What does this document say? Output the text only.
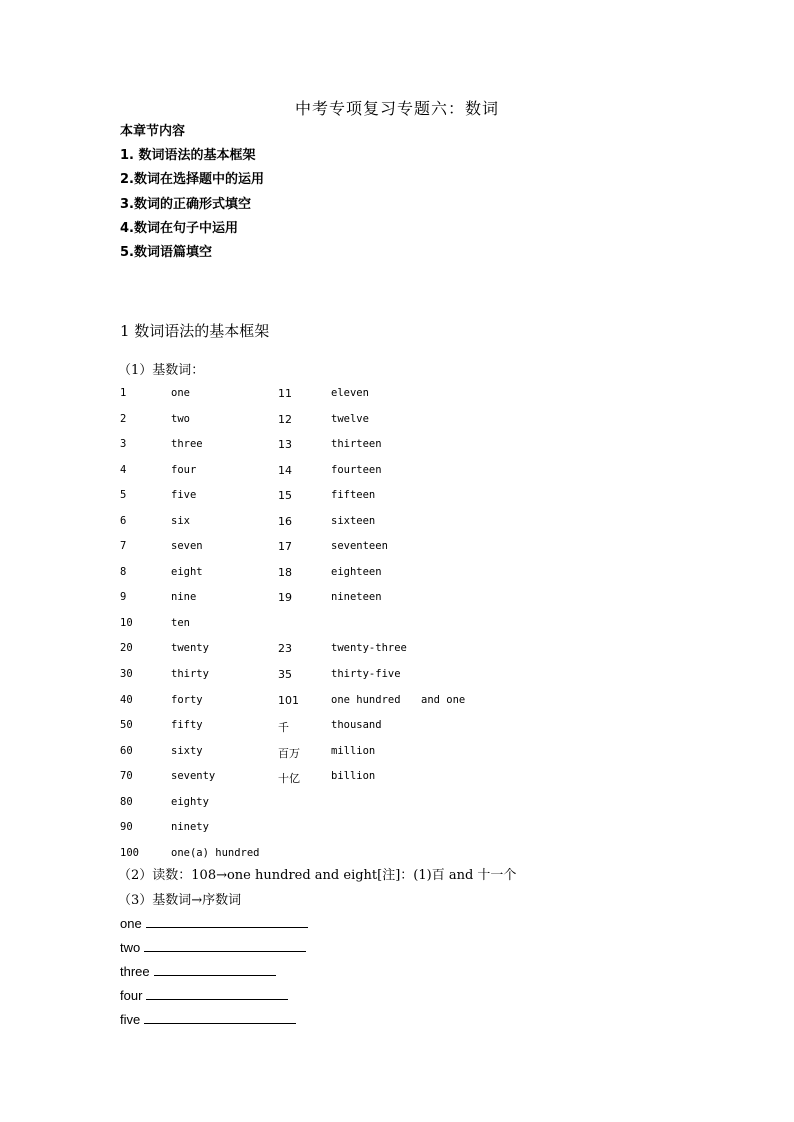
中考专项复习专题六：数词
本章节内容
1. 数词语法的基本框架
2.数词在选择题中的运用
3.数词的正确形式填空
4.数词在句子中运用
5.数词语篇填空
1 数词语法的基本框架
（1）基数词：
1	one	11	eleven
2	two	12	twelve
3	three	13	thirteen
4	four	14	fourteen
5	five	15	fifteen
6	six	16	sixteen
7	seven	17	seventeen
8	eight	18	eighteen
9	nine	19	nineteen
10	ten
20	twenty	23	twenty-three
30	thirty	35	thirty-five
40	forty	101	one hundred and one
50	fifty	千	thousand
60	sixty	百万	million
70	seventy	十亿	billion
80	eighty
90	ninety
100	one(a) hundred
（2）读数：108→one hundred and eight[注]：(1)百 and 十一个
（3）基数词→序数词
one
two
three
four
five
